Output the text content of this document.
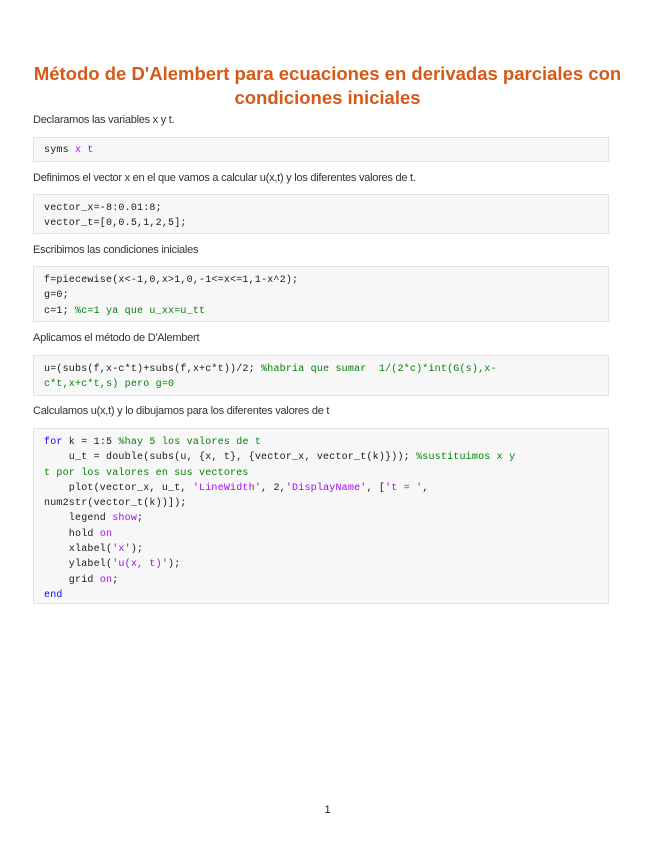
Método de D'Alembert para ecuaciones en derivadas parciales con condiciones iniciales

Declaramos las variables x y t.

syms x t

Definimos el vector x en el que vamos a calcular u(x,t) y los diferentes valores de t.

vector_x=-8:0.01:8;
vector_t=[0,0.5,1,2,5];

Escribimos las condiciones iniciales

f=piecewise(x<-1,0,x>1,0,-1<=x<=1,1-x^2);
g=0;
c=1; %c=1 ya que u_xx=u_tt

Aplicamos el método de D'Alembert

u=(subs(f,x-c*t)+subs(f,x+c*t))/2; %habria que sumar  1/(2*c)*int(G(s),x-
c*t,x+c*t,s) pero g=0

Calculamos u(x,t) y lo dibujamos para los diferentes valores de t

for k = 1:5 %hay 5 los valores de t
u_t = double(subs(u, {x, t}, {vector_x, vector_t(k)})); %sustituimos x y
t por los valores en sus vectores
plot(vector_x, u_t, 'LineWidth', 2,'DisplayName', ['t = ',
num2str(vector_t(k))]);
legend show;
hold on
xlabel('x');
ylabel('u(x, t)');
grid on;
end
1
